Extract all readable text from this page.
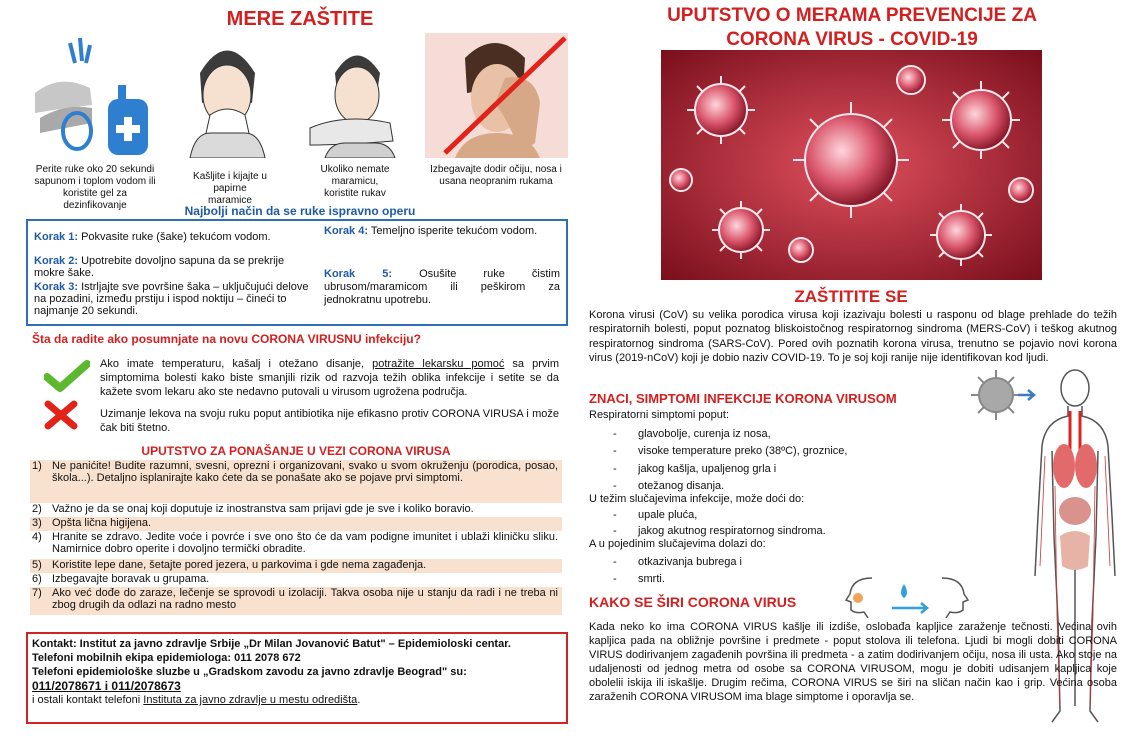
MERE ZAŠTITE
Perite ruke oko 20 sekundi sapunom i toplom vodom ili koristite gel za dezinfikovanje
Kašljite i kijajte u papirne maramice
Ukoliko nemate maramicu, koristite rukav
Izbegavajte dodir očiju, nosa i usana neopranim rukama
Najbolji način da se ruke ispravno operu
Korak 1: Pokvasite ruke (šake) tekućom vodom.
Korak 2: Upotrebite dovoljno sapuna da se prekrije mokre šake.
Korak 3: Istrljajte sve površine šaka – uključujući delove na pozadini, između prstiju i ispod noktiju – čineći to najmanje 20 sekundi.
Korak 4: Temeljno isperite tekućom vodom.
Korak 5: Osušite ruke čistim ubrusom/maramicom ili peškirom za jednokratnu upotrebu.
Šta da radite ako posumnjate na novu CORONA VIRUSNU infekciju?
Ako imate temperaturu, kašalj i otežano disanje, potražite lekarsku pomoć sa prvim simptomima bolesti kako biste smanjili rizik od razvoja težih oblika infekcije i setite se da kažete svom lekaru ako ste nedavno putovali u virusom ugrožena područja.
Uzimanje lekova na svoju ruku poput antibiotika nije efikasno protiv CORONA VIRUSA i može čak biti štetno.
UPUTSTVO ZA PONAŠANJE U VEZI CORONA VIRUSA
1) Ne panićite! Budite razumni, svesni, oprezni i organizovani, svako u svom okruženju (porodica, posao, škola...). Detaljno isplanirajte kako ćete da se ponašate ako se pojave prvi simptomi.
2) Važno je da se onaj koji doputuje iz inostranstva sam prijavi gde je sve i koliko boravio.
3) Opšta lična higijena.
4) Hranite se zdravo. Jedite voće i povrće i sve ono što će da vam podigne imunitet i ublaži kliničku sliku. Namirnice dobro operite i dovoljno termički obradite.
5) Koristite lepe dane, šetajte pored jezera, u parkovima i gde nema zagađenja.
6) Izbegavajte boravak u grupama.
7) Ako već dođe do zaraze, lečenje se sprovodi u izolaciji. Takva osoba nije u stanju da radi i ne treba ni zbog drugih da odlazi na radno mesto
Kontakt: Institut za javno zdravlje Srbije „Dr Milan Jovanović Batut" – Epidemioloski centar.
Telefoni mobilnih ekipa epidemiologa: 011 2078 672
Telefoni epidemiološke sluzbe u „Gradskom zavodu za javno zdravlje Beograd" su:
011/2078671 i 011/2078673
i ostali kontakt telefoni Instituta za javno zdravlje u mestu odredišta.
UPUTSTVO O MERAMA PREVENCIJE ZA
CORONA VIRUS - COVID-19
ZAŠTITITE SE
Korona virusi (CoV) su velika porodica virusa koji izazivaju bolesti u rasponu od blage prehlade do težih respiratornih bolesti, poput poznatog bliskoistočnog respiratornog sindroma (MERS-CoV) i teškog akutnog respiratornog sindroma (SARS-CoV). Pored ovih poznatih korona virusa, trenutno se pojavio novi korona virus (2019-nCoV) koji je dobio naziv COVID-19. To je soj koji ranije nije identifikovan kod ljudi.
ZNACI, SIMPTOMI INFEKCIJE KORONA VIRUSOM
Respiratorni simptomi poput:
- glavobolje, curenja iz nosa,
- visoke temperature preko (38ºC), groznice,
- jakog kašlja, upaljenog grla i
- otežanog disanja.
U težim slučajevima infekcije, može doći do:
- upale pluća,
- jakog akutnog respiratornog sindroma.
A u pojedinim slučajevima dolazi do:
- otkazivanja bubrega i
- smrti.
KAKO SE ŠIRI CORONA VIRUS
Kada neko ko ima CORONA VIRUS kašlje ili izdiše, oslobađa kapljice zaraženje tečnosti. Većina ovih kapljica pada na obližnje površine i predmete - poput stolova ili telefona. Ljudi bi mogli dobiti CORONA VIRUS dodirivanjem zagađenih površina ili predmeta - a zatim dodirivanjem očiju, nosa ili usta. Ako stoje na udaljenosti od jednog metra od osobe sa CORONA VIRUSOM, mogu je dobiti udisanjem kapljica koje obolelii iskija ili iskašlje. Drugim rečima, CORONA VIRUS se širi na sličan način kao i grip. Većina osoba zaraženih CORONA VIRUSOM ima blage simptome i oporavlja se.
